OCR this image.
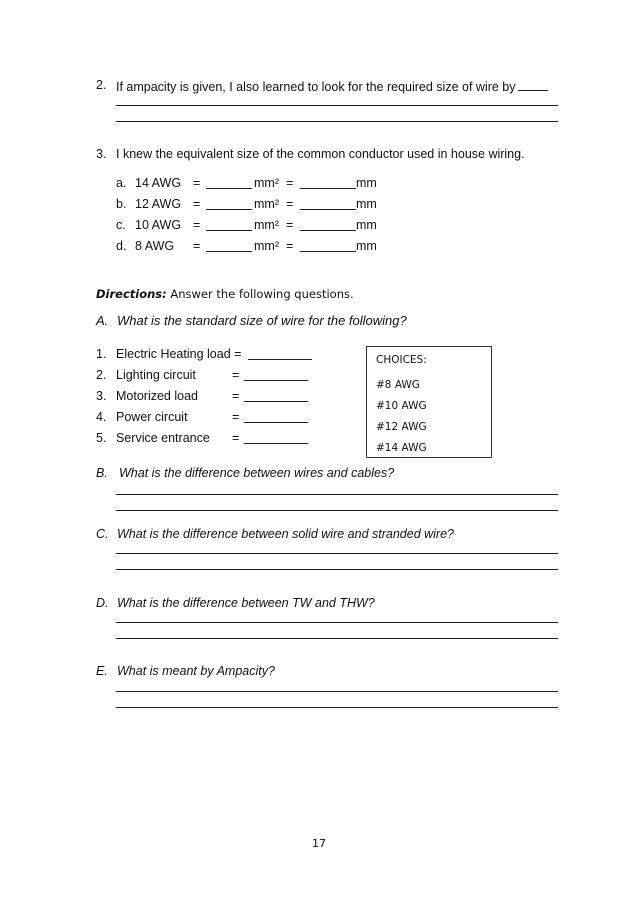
2. If ampacity is given, I also learned to look for the required size of wire by
3. I knew the equivalent size of the common conductor used in house wiring.
a. 14 AWG =	mm² =	mm
b. 12 AWG =	mm² =	mm
c. 10 AWG =	mm² =	mm
d. 8 AWG =	mm² =	mm
Directions: Answer the following questions.
A. What is the standard size of wire for the following?
1. Electric Heating load =
2. Lighting circuit	=
3. Motorized load	=
4. Power circuit	=
5. Service entrance =
CHOICES:
#8 AWG
#10 AWG
#12 AWG
#14 AWG
B. What is the difference between wires and cables?
C. What is the difference between solid wire and stranded wire?
D. What is the difference between TW and THW?
E. What is meant by Ampacity?
17
